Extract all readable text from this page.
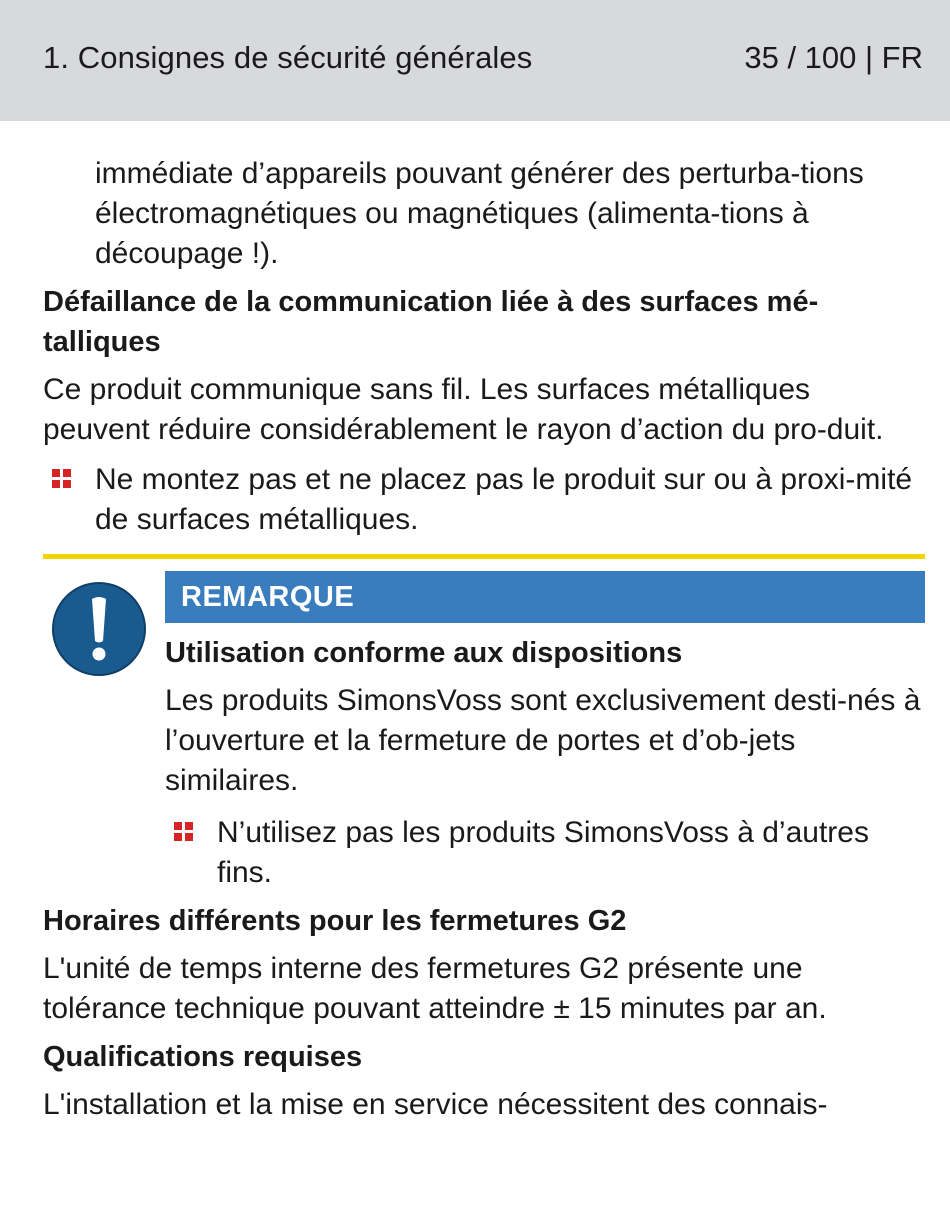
1. Consignes de sécurité générales	35 / 100 | FR

immédiate d’appareils pouvant générer des perturba-tions électromagnétiques ou magnétiques (alimenta-tions à découpage !).

Défaillance de la communication liée à des surfaces mé-talliques

Ce produit communique sans fil. Les surfaces métalliques peuvent réduire considérablement le rayon d’action du pro-duit.

Ne montez pas et ne placez pas le produit sur ou à proxi-mité de surfaces métalliques.
REMARQUE

Utilisation conforme aux dispositions

Les produits SimonsVoss sont exclusivement desti-nés à l’ouverture et la fermeture de portes et d’ob-jets similaires.

N’utilisez pas les produits SimonsVoss à d’autres fins.

Horaires différents pour les fermetures G2

L'unité de temps interne des fermetures G2 présente une tolérance technique pouvant atteindre ± 15 minutes par an.

Qualifications requises

L'installation et la mise en service nécessitent des connais-
